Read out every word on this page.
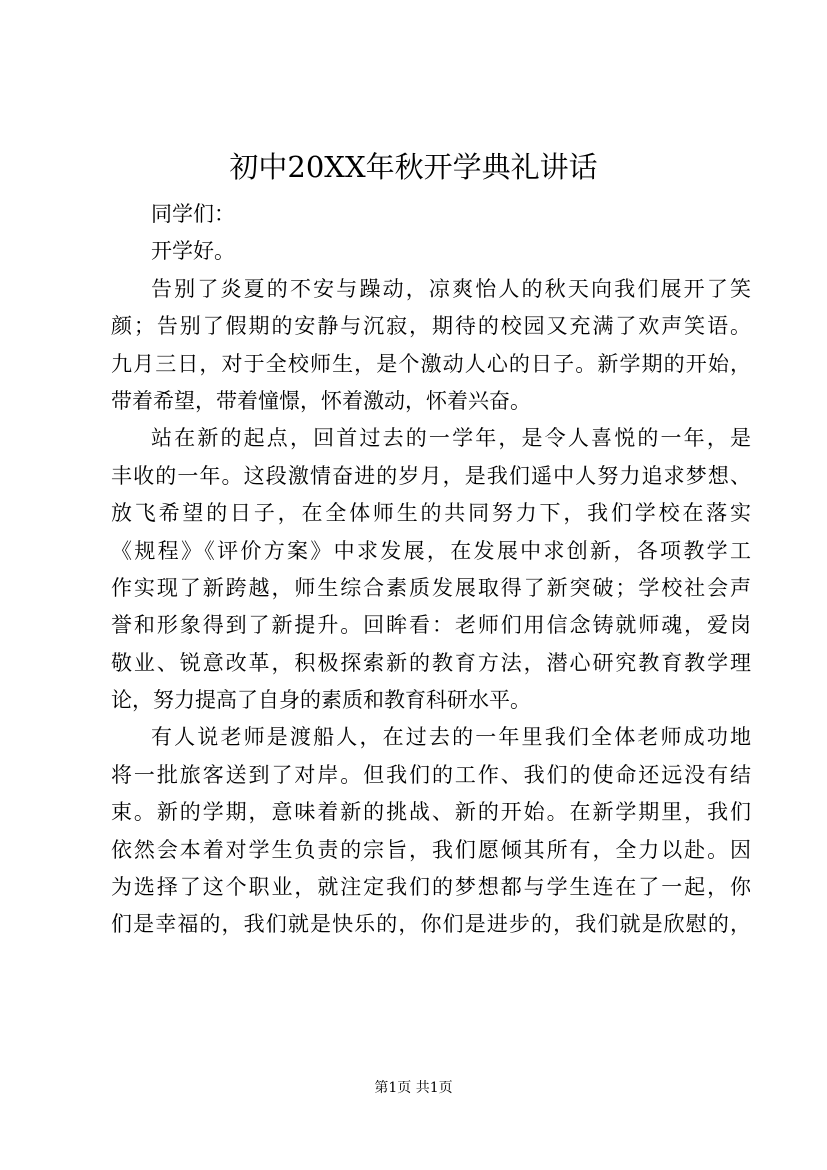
初中20XX年秋开学典礼讲话
同学们：
开学好。
告别了炎夏的不安与躁动，凉爽怡人的秋天向我们展开了笑
颜；告别了假期的安静与沉寂，期待的校园又充满了欢声笑语。
九月三日，对于全校师生，是个激动人心的日子。新学期的开始，
带着希望，带着憧憬，怀着激动，怀着兴奋。
站在新的起点，回首过去的一学年，是令人喜悦的一年，是
丰收的一年。这段激情奋进的岁月，是我们遥中人努力追求梦想、
放飞希望的日子，在全体师生的共同努力下，我们学校在落实
《规程》《评价方案》中求发展，在发展中求创新，各项教学工
作实现了新跨越，师生综合素质发展取得了新突破；学校社会声
誉和形象得到了新提升。回眸看：老师们用信念铸就师魂，爱岗
敬业、锐意改革，积极探索新的教育方法，潜心研究教育教学理
论，努力提高了自身的素质和教育科研水平。
有人说老师是渡船人，在过去的一年里我们全体老师成功地
将一批旅客送到了对岸。但我们的工作、我们的使命还远没有结
束。新的学期，意味着新的挑战、新的开始。在新学期里，我们
依然会本着对学生负责的宗旨，我们愿倾其所有，全力以赴。因
为选择了这个职业，就注定我们的梦想都与学生连在了一起，你
们是幸福的，我们就是快乐的，你们是进步的，我们就是欣慰的，
第1页 共1页
